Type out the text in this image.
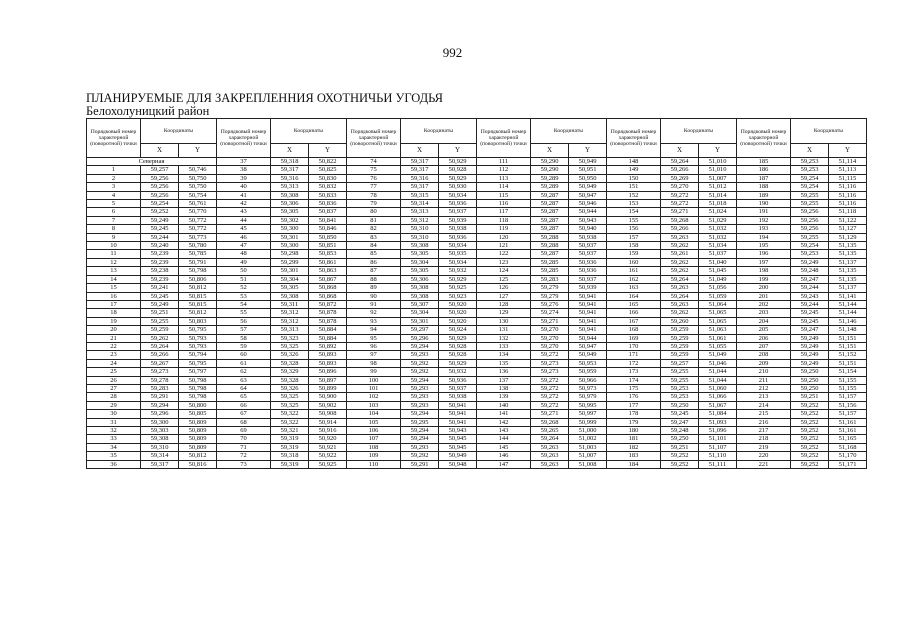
992
ПЛАНИРУЕМЫЕ ДЛЯ ЗАКРЕПЛЕННИЯ ОХОТНИЧЬИ УГОДЬЯ
Белохолуницкий район
Порядковый номер характерной (поворотной) точки	Координаты		Порядковый номер характерной (поворотной) точки	Координаты		Порядковый номер характерной (поворотной) точки	Координаты		Порядковый номер характерной (поворотной) точки	Координаты		Порядковый номер характерной (поворотной) точки	Координаты		Порядковый номер характерной (поворотной) точки	Координаты	
	X	Y		X	Y		X	Y		X	Y		X	Y		X	Y
Северная			37	59,318	50,822	74	59,317	50,929	111	59,290	50,949	148	59,264	51,010	185	59,253	51,114
1	59,257	50,746	38	59,317	50,825	75	59,317	50,928	112	59,290	50,951	149	59,266	51,010	186	59,253	51,113
2	59,256	50,750	39	59,316	50,830	76	59,316	50,929	113	59,289	50,950	150	59,269	51,007	187	59,254	51,115
3	59,256	50,750	40	59,313	50,832	77	59,317	50,930	114	59,289	50,949	151	59,270	51,012	188	59,254	51,116
4	59,256	50,754	41	59,308	50,833	78	59,315	50,934	115	59,287	50,947	152	59,272	51,014	189	59,255	51,116
5	59,254	50,761	42	59,306	50,836	79	59,314	50,936	116	59,287	50,946	153	59,272	51,018	190	59,255	51,116
6	59,252	50,770	43	59,305	50,837	80	59,313	50,937	117	59,287	50,944	154	59,271	51,024	191	59,256	51,118
7	59,249	50,772	44	59,302	50,841	81	59,312	50,939	118	59,287	50,943	155	59,268	51,029	192	59,256	51,122
8	59,245	50,772	45	59,300	50,846	82	59,310	50,938	119	59,287	50,940	156	59,266	51,032	193	59,256	51,127
9	59,244	50,773	46	59,301	50,850	83	59,310	50,936	120	59,288	50,938	157	59,263	51,032	194	59,255	51,129
10	59,240	50,780	47	59,300	50,851	84	59,308	50,934	121	59,288	50,937	158	59,262	51,034	195	59,254	51,135
11	59,239	50,785	48	59,298	50,853	85	59,305	50,935	122	59,287	50,937	159	59,261	51,037	196	59,253	51,135
12	59,239	50,791	49	59,299	50,861	86	59,304	50,934	123	59,285	50,936	160	59,262	51,040	197	59,249	51,137
13	59,238	50,798	50	59,301	50,863	87	59,305	50,932	124	59,285	50,936	161	59,262	51,045	198	59,248	51,135
14	59,239	50,806	51	59,304	50,867	88	59,306	50,929	125	59,283	50,937	162	59,264	51,049	199	59,247	51,135
15	59,241	50,812	52	59,305	50,868	89	59,308	50,925	126	59,279	50,939	163	59,263	51,056	200	59,244	51,137
16	59,245	50,815	53	59,308	50,868	90	59,308	50,923	127	59,279	50,941	164	59,264	51,059	201	59,243	51,141
17	59,249	50,815	54	59,311	50,872	91	59,307	50,920	128	59,276	50,941	165	59,263	51,064	202	59,244	51,144
18	59,251	50,812	55	59,312	50,878	92	59,304	50,920	129	59,274	50,941	166	59,262	51,065	203	59,245	51,144
19	59,255	50,803	56	59,312	50,878	93	59,301	50,920	130	59,271	50,941	167	59,260	51,065	204	59,245	51,146
20	59,259	50,795	57	59,313	50,884	94	59,297	50,924	131	59,270	50,941	168	59,259	51,063	205	59,247	51,148
21	59,262	50,793	58	59,323	50,884	95	59,296	50,929	132	59,270	50,944	169	59,259	51,061	206	59,249	51,151
22	59,264	50,793	59	59,325	50,892	96	59,294	50,928	133	59,270	50,947	170	59,259	51,055	207	59,249	51,151
23	59,266	50,794	60	59,326	50,893	97	59,293	50,928	134	59,272	50,949	171	59,259	51,049	208	59,249	51,152
24	59,267	50,795	61	59,328	50,893	98	59,292	50,929	135	59,273	50,953	172	59,257	51,046	209	59,249	51,151
25	59,273	50,797	62	59,329	50,896	99	59,292	50,932	136	59,273	50,959	173	59,255	51,044	210	59,250	51,154
26	59,278	50,798	63	59,328	50,897	100	59,294	50,936	137	59,272	50,966	174	59,255	51,044	211	59,250	51,155
27	59,283	50,798	64	59,326	50,899	101	59,293	50,937	138	59,272	50,973	175	59,253	51,060	212	59,250	51,155
28	59,291	50,798	65	59,325	50,900	102	59,293	50,938	139	59,272	50,979	176	59,253	51,066	213	59,251	51,157
29	59,294	50,800	66	59,325	50,902	103	59,293	50,941	140	59,272	50,995	177	59,250	51,067	214	59,252	51,156
30	59,296	50,805	67	59,322	50,908	104	59,294	50,941	141	59,271	50,997	178	59,245	51,084	215	59,252	51,157
31	59,300	50,809	68	59,322	50,914	105	59,295	50,941	142	59,268	50,999	179	59,247	51,093	216	59,252	51,161
32	59,303	50,809	69	59,321	50,916	106	59,294	50,943	143	59,265	51,000	180	59,248	51,096	217	59,252	51,161
33	59,308	50,809	70	59,319	50,920	107	59,294	50,945	144	59,264	51,002	181	59,250	51,101	218	59,252	51,165
34	59,310	50,809	71	59,319	50,921	108	59,293	50,945	145	59,263	51,003	182	59,251	51,107	219	59,252	51,168
35	59,314	50,812	72	59,318	50,922	109	59,292	50,949	146	59,263	51,007	183	59,252	51,110	220	59,252	51,170
36	59,317	50,816	73	59,319	50,925	110	59,291	50,948	147	59,263	51,008	184	59,252	51,111	221	59,252	51,171
